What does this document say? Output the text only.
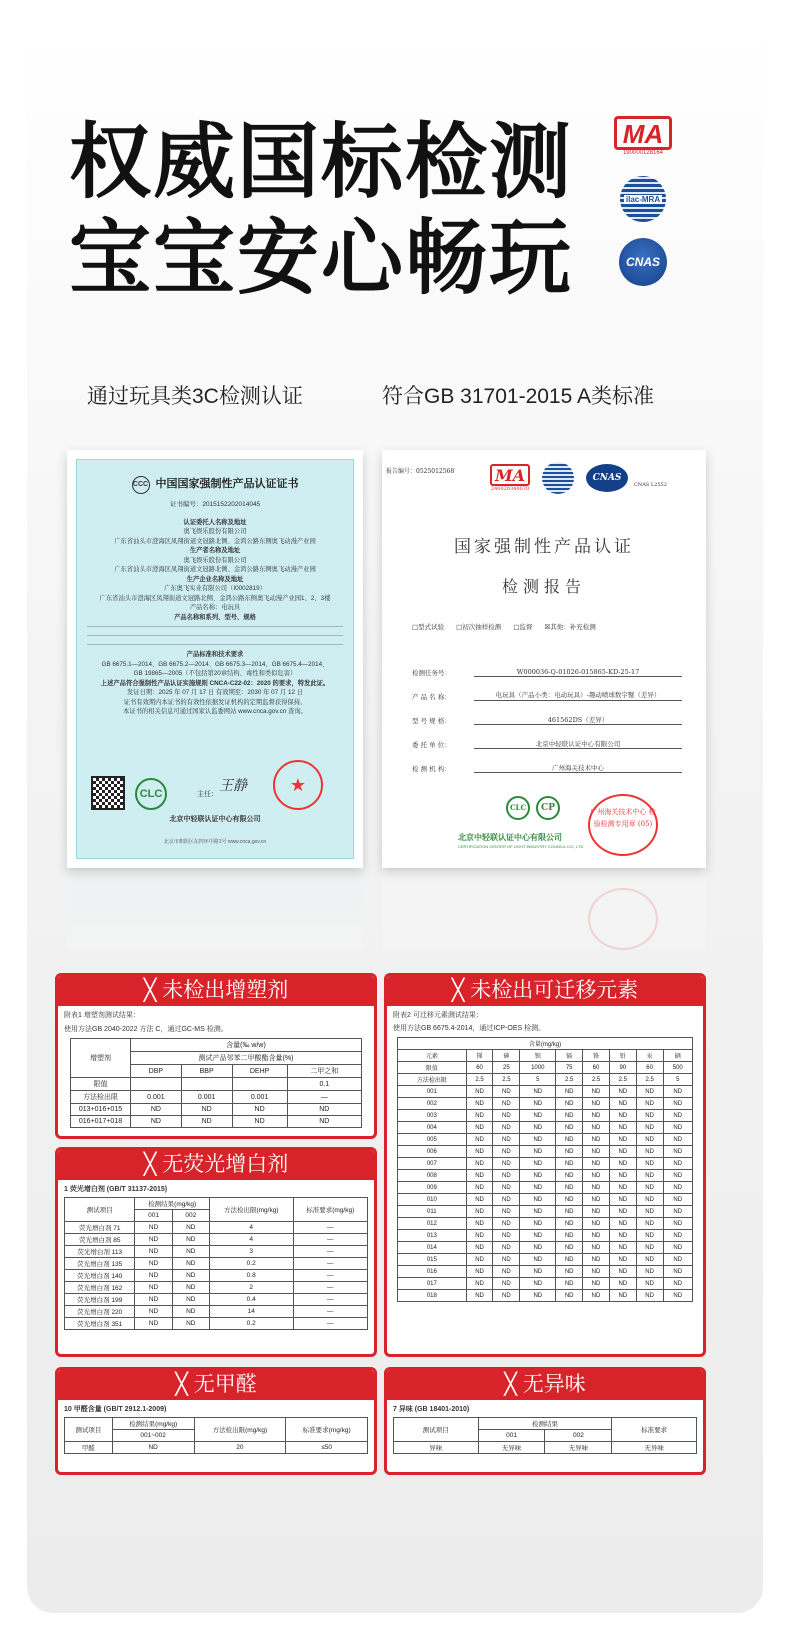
权威国标检测
宝宝安心畅玩
MA
190000128164
ilac-MRA
CNAS
通过玩具类3C检测认证	符合GB 31701-2015 A类标准
CCC 中国国家强制性产品认证证书
证书编号：2015152202014045
认证委托人名称及地址
奥飞娱乐股份有限公司
广东省汕头市澄海区凤翔街道文冠路北侧、金鸿公路东侧奥飞动漫产业园
生产者名称及地址
奥飞娱乐股份有限公司
广东省汕头市澄海区凤翔街道文冠路北侧、金鸿公路东侧奥飞动漫产业园
生产企业名称及地址
广东奥飞实业有限公司（I0002819）
广东省汕头市澄海区凤翔街道文冠路北侧、金鸿公路东侧奥飞动漫产业园1、2、3楼
产品名称：电玩具
产品名称和系列、型号、规格
产品标准和技术要求
GB 6675.1—2014、GB 6675.2—2014、GB 6675.3—2014、GB 6675.4—2014、
GB 19865—2005（不包括第20章结构、毒性和类似危害）
上述产品符合强制性产品认证实施规则 CNCA-C22-02：2020 的要求，特发此证。
发证日期：2025 年 07 月 17 日 有效期至：2030 年 07 月 12 日
证书有效期内本证书的有效性依据发证机构的定期监督获得保持。
本证书的相关信息可通过国家认监委网站 www.cnca.gov.cn 查询。
CLC	主任：
王静	★
北京中轻联认证中心有限公司
北京市朝阳区东四环中路1号 www.cnca.gov.cn
报告编号：0525012568	MA
240020340070
CNAS
CNAS L2552
国家强制性产品认证
检测报告
□型式试验 □初次抽样检测 □监督 ☒其他：补充检测
检测任务号：	W000036-Q-01026-015865-KD-25-17
产 品 名 称：	电玩具（产品小类：电动玩具）-趣动喷球数字蟹（差异）
型 号 规 格：	461562DS（差异）
委 托 单 位：	北京中轻联认证中心有限公司
检 测 机 构：	广州海关技术中心
CLC	CP
北京中轻联认证中心有限公司
CERTIFICATION CENTER OF LIGHT INDUSTRY COUNCIL CO., LTD
广州海关技术中心 检验检测专用章 (05)
╳ 未检出增塑剂
附表1 增塑剂测试结果：
使用方法GB 2040-2022 方法 C，通过GC-MS 检测。
增塑剂	含量(‰ w/w)			
	测试产品邻苯二甲酸酯含量(%)			
	DBP	BBP	DEHP	二甲之和
限值				0.1
方法检出限	0.001	0.001	0.001	—
013+016+015	ND	ND	ND	ND
016+017+018	ND	ND	ND	ND
╳ 未检出可迁移元素
附表2 可迁移元素测试结果：
使用方法GB 6675.4-2014，通过ICP-OES 检测。
含量(mg/kg)								
元素	锑	砷	钡	镉	铬	铅	汞	硒
限值	60	25	1000	75	60	90	60	500
方法检出限	2.5	2.5	5	2.5	2.5	2.5	2.5	5
001	ND	ND	ND	ND	ND	ND	ND	ND
002	ND	ND	ND	ND	ND	ND	ND	ND
003	ND	ND	ND	ND	ND	ND	ND	ND
004	ND	ND	ND	ND	ND	ND	ND	ND
005	ND	ND	ND	ND	ND	ND	ND	ND
006	ND	ND	ND	ND	ND	ND	ND	ND
007	ND	ND	ND	ND	ND	ND	ND	ND
008	ND	ND	ND	ND	ND	ND	ND	ND
009	ND	ND	ND	ND	ND	ND	ND	ND
010	ND	ND	ND	ND	ND	ND	ND	ND
011	ND	ND	ND	ND	ND	ND	ND	ND
012	ND	ND	ND	ND	ND	ND	ND	ND
013	ND	ND	ND	ND	ND	ND	ND	ND
014	ND	ND	ND	ND	ND	ND	ND	ND
015	ND	ND	ND	ND	ND	ND	ND	ND
016	ND	ND	ND	ND	ND	ND	ND	ND
017	ND	ND	ND	ND	ND	ND	ND	ND
018	ND	ND	ND	ND	ND	ND	ND	ND
╳ 无荧光增白剂
1 荧光增白剂 (GB/T 31137-2015)
测试项目	检测结果(mg/kg)		方法检出限(mg/kg)	标准要求(mg/kg)
	001	002		
荧光增白剂 71	ND	ND	4	—
荧光增白剂 85	ND	ND	4	—
荧光增白剂 113	ND	ND	3	—
荧光增白剂 135	ND	ND	0.2	—
荧光增白剂 140	ND	ND	0.8	—
荧光增白剂 162	ND	ND	2	—
荧光增白剂 199	ND	ND	0.4	—
荧光增白剂 220	ND	ND	14	—
荧光增白剂 351	ND	ND	0.2	—
╳ 无甲醛
10 甲醛含量 (GB/T 2912.1-2009)
测试项目	检测结果(mg/kg)	方法检出限(mg/kg)	标准要求(mg/kg)
	001~002		
甲醛	ND	20	≤50
╳ 无异味
7 异味 (GB 18401-2010)
测试项目	检测结果		标准要求
	001	002	
异味	无异味	无异味	无异味
